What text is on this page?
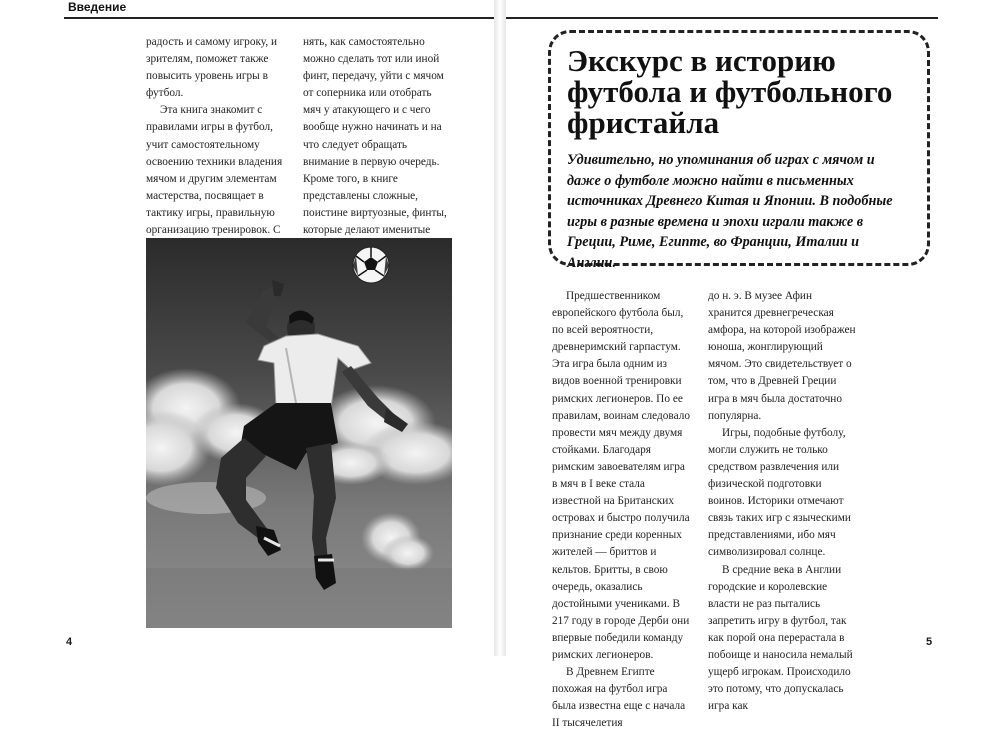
Введение

радость и самому игроку, и зрителям, поможет также повысить уровень игры в футбол.

Эта книга знакомит с правилами игры в футбол, учит самостоятельному освоению техники владения мячом и другим элементам мастерства, посвящает в тактику игры, правильную организацию тренировок. С

нять, как самостоятельно можно сделать тот или иной финт, передачу, уйти с мячом от соперника или отобрать мяч у атакующего и с чего вообще нужно начинать и на что следует обращать внимание в первую очередь. Кроме того, в книге представлены сложные, поистине виртуозные, финты, которые делают именитые

4
Экскурс в историю футбола и футбольного фристайла

Удивительно, но упоминания об играх с мячом и даже о футболе можно найти в письменных источниках Древнего Китая и Японии. В подобные игры в разные времена и эпохи играли также в Греции, Риме, Египте, во Франции, Италии и Англии.

Предшественником европейского футбола был, по всей вероятности, древнеримский гарпастум. Эта игра была одним из видов военной тренировки римских легионеров. По ее правилам, воинам следовало провести мяч между двумя стойками. Благодаря римским завоевателям игра в мяч в I веке стала известной на Британских островах и быстро получила признание среди коренных жителей — бриттов и кельтов. Бритты, в свою очередь, оказались достойными учениками. В 217 году в городе Дерби они впервые победили команду римских легионеров.

В Древнем Египте похожая на футбол игра была известна еще с начала II тысячелетия

до н. э. В музее Афин хранится древнегреческая амфора, на которой изображен юноша, жонглирующий мячом. Это свидетельствует о том, что в Древней Греции игра в мяч была достаточно популярна.

Игры, подобные футболу, могли служить не только средством развлечения или физической подготовки воинов. Историки отмечают связь таких игр с языческими представлениями, ибо мяч символизировал солнце.

В средние века в Англии городские и королевские власти не раз пытались запретить игру в футбол, так как порой она перерастала в побоище и наносила немалый ущерб игрокам. Происходило это потому, что допускалась игра как

5
